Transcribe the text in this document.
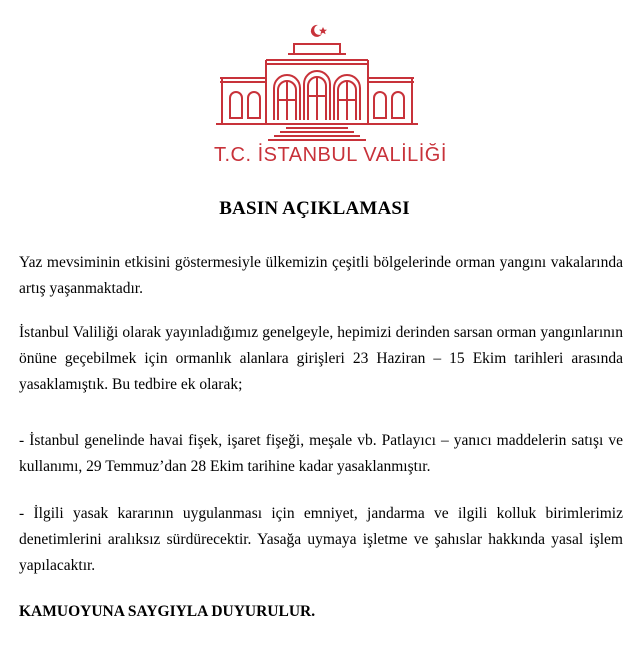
T.C. İSTANBUL VALİLİĞİ
BASIN AÇIKLAMASI

Yaz mevsiminin etkisini göstermesiyle ülkemizin çeşitli bölgelerinde orman yangını vakalarında artış yaşanmaktadır.

İstanbul Valiliği olarak yayınladığımız genelgeyle, hepimizi derinden sarsan orman yangınlarının önüne geçebilmek için ormanlık alanlara girişleri 23 Haziran – 15 Ekim tarihleri arasında yasaklamıştık. Bu tedbire ek olarak;

- İstanbul genelinde havai fişek, işaret fişeği, meşale vb. Patlayıcı – yanıcı maddelerin satışı ve kullanımı, 29 Temmuz’dan 28 Ekim tarihine kadar yasaklanmıştır.

- İlgili yasak kararının uygulanması için emniyet, jandarma ve ilgili kolluk birimlerimiz denetimlerini aralıksız sürdürecektir. Yasağa uymaya işletme ve şahıslar hakkında yasal işlem yapılacaktır.

KAMUOYUNA SAYGIYLA DUYURULUR.
